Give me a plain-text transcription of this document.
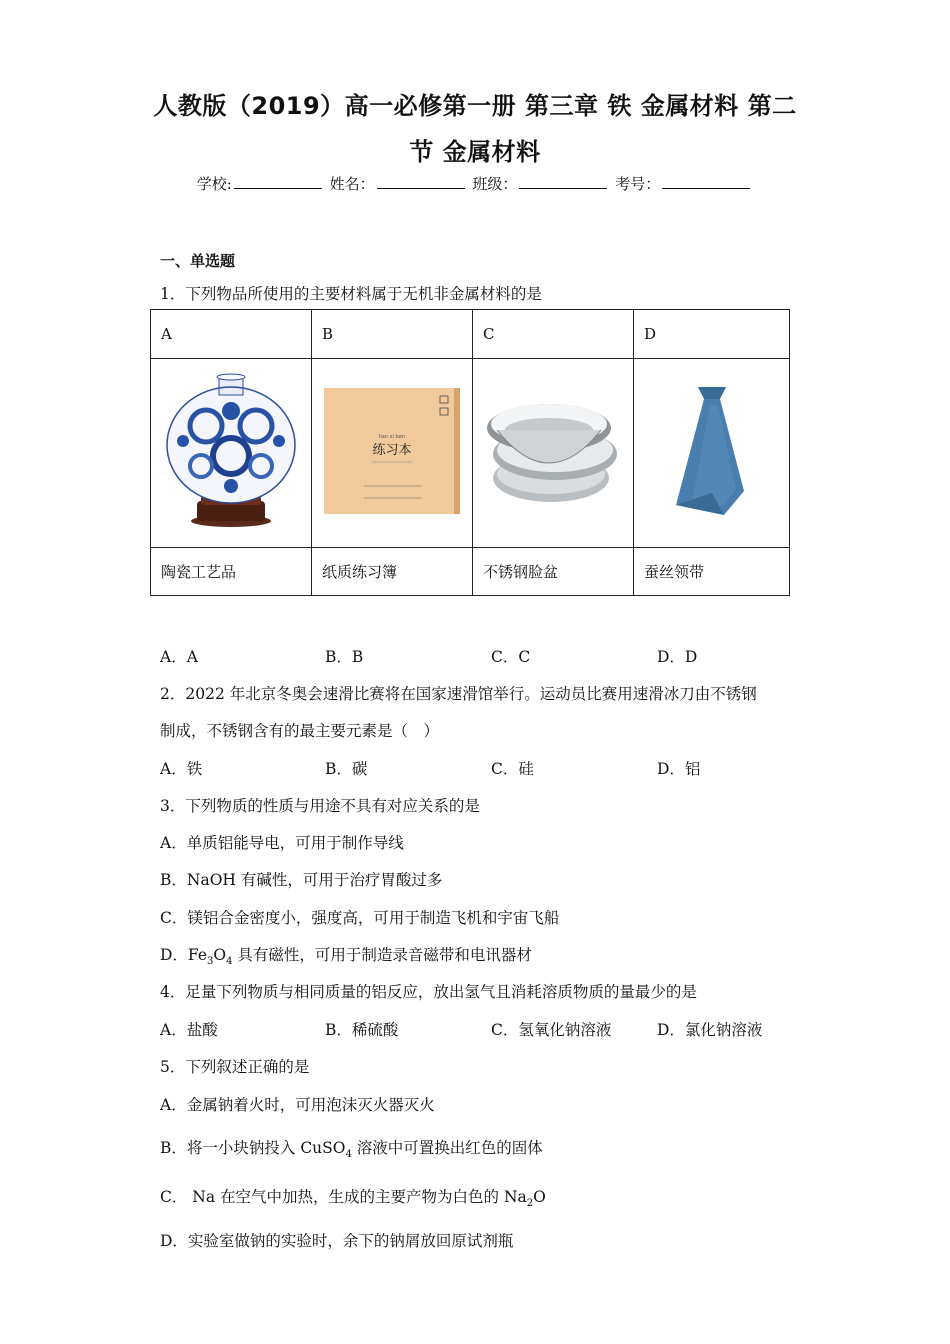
人教版（2019）高一必修第一册 第三章 铁 金属材料 第二
节 金属材料
学校:	姓名：	班级：	考号：
一、单选题
1．下列物品所使用的主要材料属于无机非金属材料的是
A	B	C	D

lian xi ben
练习本

陶瓷工艺品	纸质练习簿	不锈钢脸盆	蚕丝领带
A．A	B．B	C．C	D．D
2．2022 年北京冬奥会速滑比赛将在国家速滑馆举行。运动员比赛用速滑冰刀由不锈钢
制成，不锈钢含有的最主要元素是（　）
A．铁	B．碳	C．硅	D．铝
3．下列物质的性质与用途不具有对应关系的是
A．单质铝能导电，可用于制作导线
B．NaOH 有碱性，可用于治疗胃酸过多
C．镁铝合金密度小，强度高，可用于制造飞机和宇宙飞船
D．$Fe_3O_4$ 具有磁性，可用于制造录音磁带和电讯器材
4．足量下列物质与相同质量的铝反应，放出氢气且消耗溶质物质的量最少的是
A．盐酸	B．稀硫酸	C．氢氧化钠溶液	D．氯化钠溶液
5．下列叙述正确的是
A．金属钠着火时，可用泡沫灭火器灭火
B．将一小块钠投入 CuSO$_4$ 溶液中可置换出红色的固体
C． Na 在空气中加热，生成的主要产物为白色的 $Na_2O$
D．实验室做钠的实验时，余下的钠屑放回原试剂瓶
